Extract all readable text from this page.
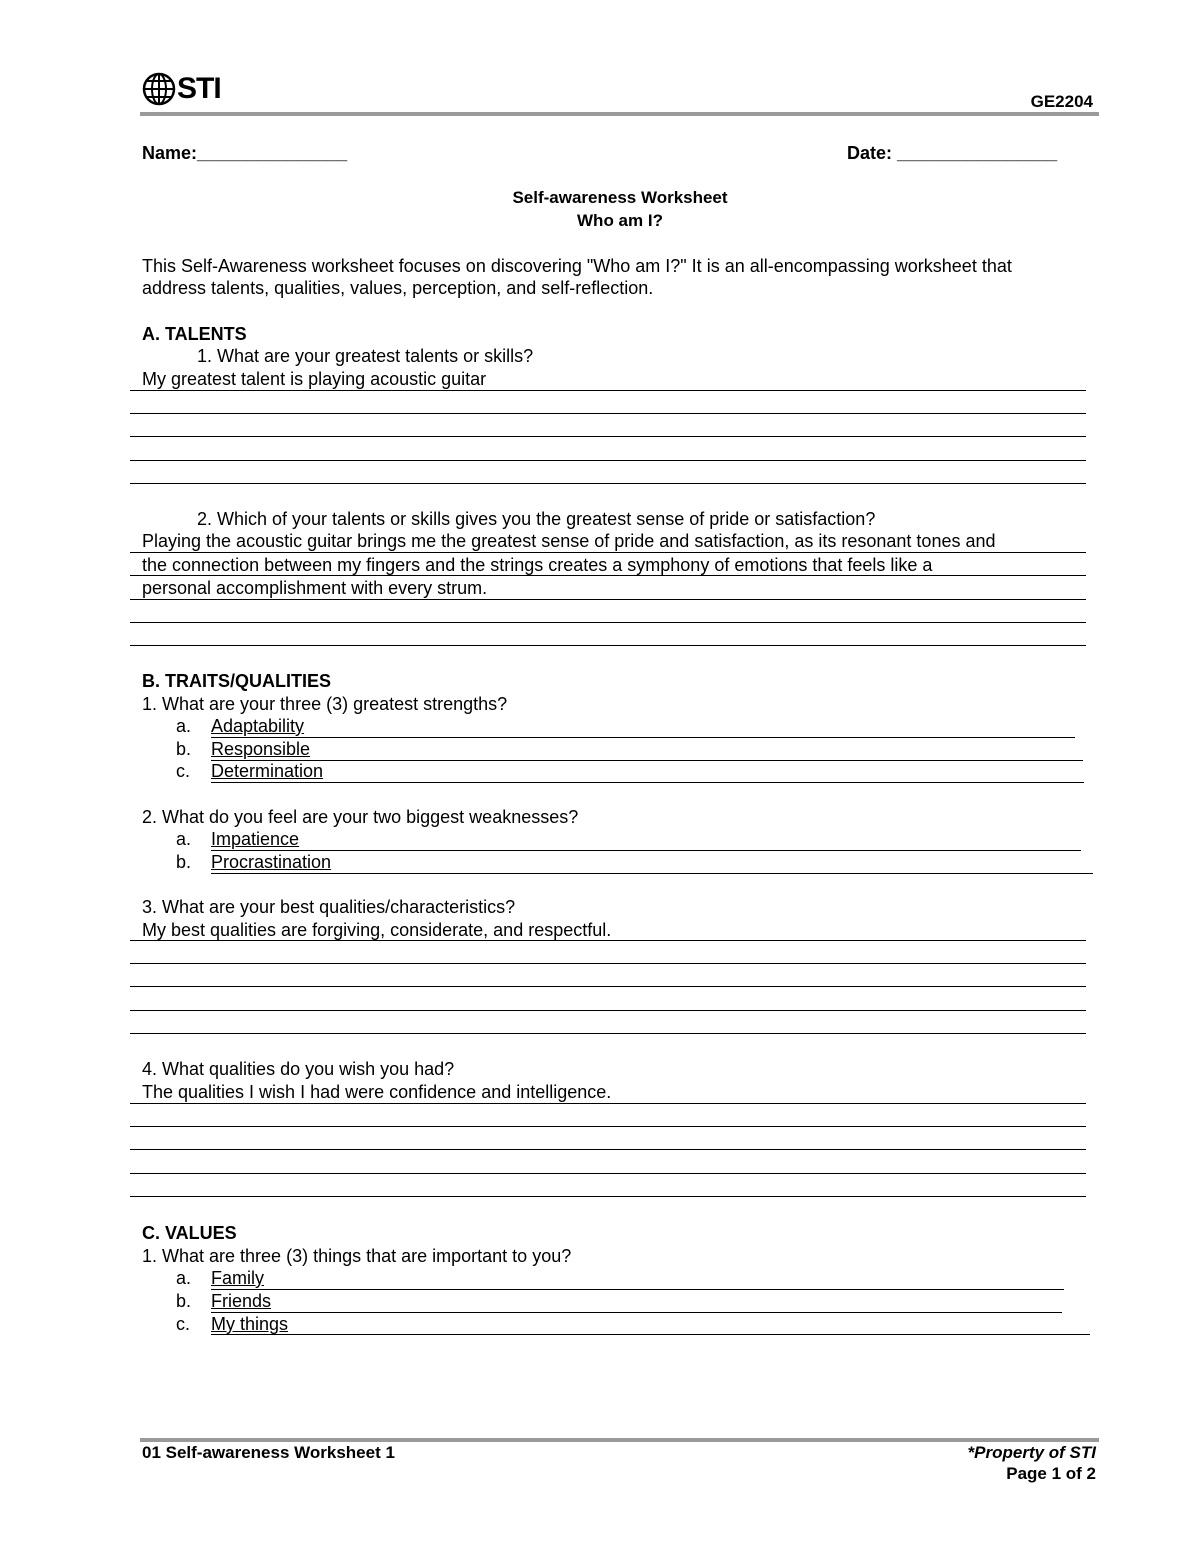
STI	GE2204
Name:_______________	Date: ________________
Self-awareness Worksheet
Who am I?
This Self-Awareness worksheet focuses on discovering "Who am I?" It is an all-encompassing worksheet that
address talents, qualities, values, perception, and self-reflection.
A. TALENTS
1. What are your greatest talents or skills?
My greatest talent is playing acoustic guitar
2. Which of your talents or skills gives you the greatest sense of pride or satisfaction?
Playing the acoustic guitar brings me the greatest sense of pride and satisfaction, as its resonant tones and
the connection between my fingers and the strings creates a symphony of emotions that feels like a
personal accomplishment with every strum.
B. TRAITS/QUALITIES
1. What are your three (3) greatest strengths?
a. Adaptability
b. Responsible
c. Determination
2. What do you feel are your two biggest weaknesses?
a. Impatience
b. Procrastination
3. What are your best qualities/characteristics?
My best qualities are forgiving, considerate, and respectful.
4. What qualities do you wish you had?
The qualities I wish I had were confidence and intelligence.
C. VALUES
1. What are three (3) things that are important to you?
a. Family
b. Friends
c. My things
01 Self-awareness Worksheet 1	*Property of STI
Page 1 of 2
